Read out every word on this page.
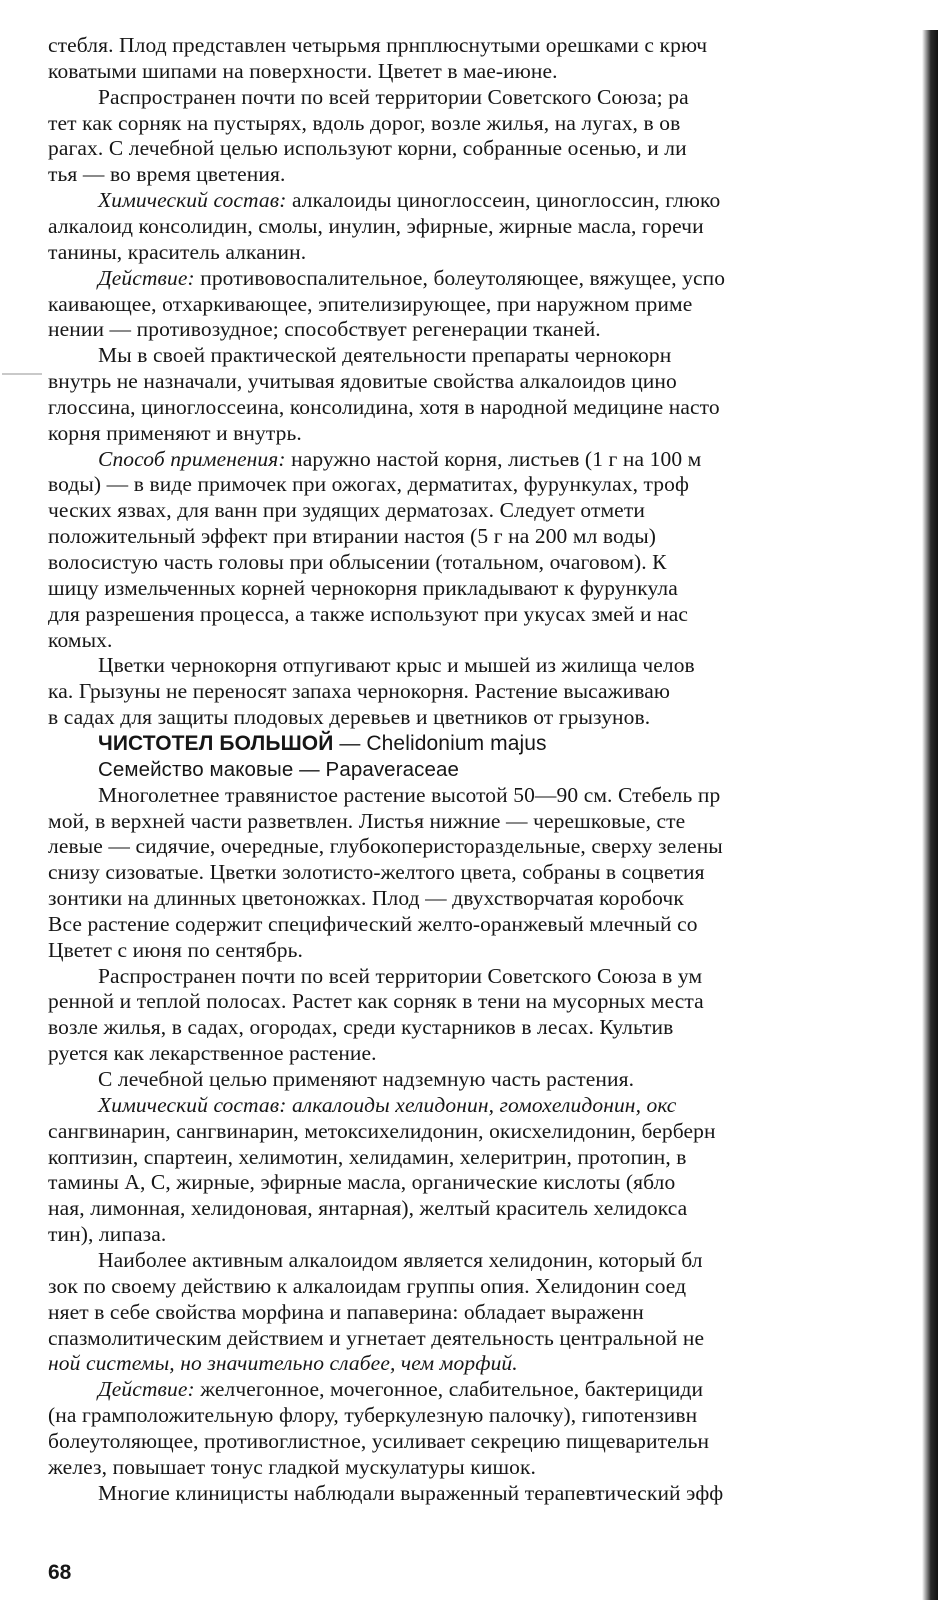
стебля. Плод представлен четырьмя прнплюснутыми орешками с крюч
коватыми шипами на поверхности. Цветет в мае-июне.
Распространен почти по всей территории Советского Союза; ра
тет как сорняк на пустырях, вдоль дорог, возле жилья, на лугах, в ов
рагах. С лечебной целью используют корни, собранные осенью, и ли
тья — во время цветения.
Химический состав: алкалоиды циноглоссеин, циноглоссин, глюко
алкалоид консолидин, смолы, инулин, эфирные, жирные масла, горечи
танины, краситель алканин.
Действие: противовоспалительное, болеутоляющее, вяжущее, успо
каивающее, отхаркивающее, эпителизирующее, при наружном приме
нении — противозудное; способствует регенерации тканей.
Мы в своей практической деятельности препараты чернокорн
внутрь не назначали, учитывая ядовитые свойства алкалоидов цино
глоссина, циноглоссеина, консолидина, хотя в народной медицине насто
корня применяют и внутрь.
Способ применения: наружно настой корня, листьев (1 г на 100 м
воды) — в виде примочек при ожогах, дерматитах, фурункулах, троф
ческих язвах, для ванн при зудящих дерматозах. Следует отмети
положительный эффект при втирании настоя (5 г на 200 мл воды)
волосистую часть головы при облысении (тотальном, очаговом). К
шицу измельченных корней чернокорня прикладывают к фурункула
для разрешения процесса, а также используют при укусах змей и нас
комых.
Цветки чернокорня отпугивают крыс и мышей из жилища челов
ка. Грызуны не переносят запаха чернокорня. Растение высаживаю
в садах для защиты плодовых деревьев и цветников от грызунов.
ЧИСТОТЕЛ БОЛЬШОЙ — Chelidonium majus
Семейство маковые — Papaveraceae
Многолетнее травянистое растение высотой 50—90 см. Стебель пр
мой, в верхней части разветвлен. Листья нижние — черешковые, сте
левые — сидячие, очередные, глубокоперистораздельные, сверху зелены
снизу сизоватые. Цветки золотисто-желтого цвета, собраны в соцветия
зонтики на длинных цветоножках. Плод — двухстворчатая коробочк
Все растение содержит специфический желто-оранжевый млечный со
Цветет с июня по сентябрь.
Распространен почти по всей территории Советского Союза в ум
ренной и теплой полосах. Растет как сорняк в тени на мусорных места
возле жилья, в садах, огородах, среди кустарников в лесах. Культив
руется как лекарственное растение.
С лечебной целью применяют надземную часть растения.
Химический состав: алкалоиды хелидонин, гомохелидонин, окс
сангвинарин, сангвинарин, метоксихелидонин, окисхелидонин, берберн
коптизин, спартеин, хелимотин, хелидамин, хелеритрин, протопин, в
тамины А, С, жирные, эфирные масла, органические кислоты (ябло
ная, лимонная, хелидоновая, янтарная), желтый краситель хелидокса
тин), липаза.
Наиболее активным алкалоидом является хелидонин, который бл
зок по своему действию к алкалоидам группы опия. Хелидонин соед
няет в себе свойства морфина и папаверина: обладает выраженн
спазмолитическим действием и угнетает деятельность центральной не
ной системы, но значительно слабее, чем морфий.
Действие: желчегонное, мочегонное, слабительное, бактерициди
(на грамположительную флору, туберкулезную палочку), гипотензивн
болеутоляющее, противоглистное, усиливает секрецию пищеварительн
желез, повышает тонус гладкой мускулатуры кишок.
Многие клиницисты наблюдали выраженный терапевтический эфф
68
